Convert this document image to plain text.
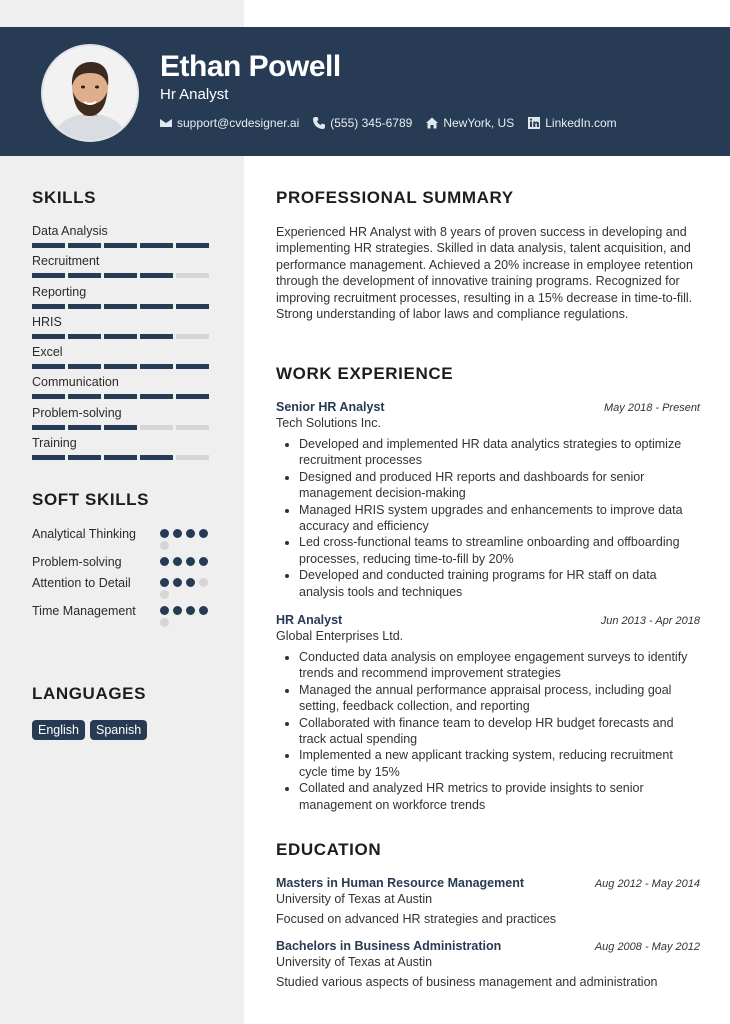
Ethan Powell
Hr Analyst
support@cvdesigner.ai	(555) 345-6789	NewYork, US	LinkedIn.com
SKILLS
Data Analysis
Recruitment
Reporting
HRIS
Excel
Communication
Problem-solving
Training
SOFT SKILLS
Analytical Thinking
Problem-solving
Attention to Detail
Time Management
LANGUAGES
English	Spanish
PROFESSIONAL SUMMARY
Experienced HR Analyst with 8 years of proven success in developing and implementing HR strategies. Skilled in data analysis, talent acquisition, and performance management. Achieved a 20% increase in employee retention through the development of innovative training programs. Recognized for improving recruitment processes, resulting in a 15% decrease in time-to-fill. Strong understanding of labor laws and compliance regulations.
WORK EXPERIENCE
Senior HR Analyst	May 2018 - Present
Tech Solutions Inc.
• Developed and implemented HR data analytics strategies to optimize recruitment processes
• Designed and produced HR reports and dashboards for senior management decision-making
• Managed HRIS system upgrades and enhancements to improve data accuracy and efficiency
• Led cross-functional teams to streamline onboarding and offboarding processes, reducing time-to-fill by 20%
• Developed and conducted training programs for HR staff on data analysis tools and techniques
HR Analyst	Jun 2013 - Apr 2018
Global Enterprises Ltd.
• Conducted data analysis on employee engagement surveys to identify trends and recommend improvement strategies
• Managed the annual performance appraisal process, including goal setting, feedback collection, and reporting
• Collaborated with finance team to develop HR budget forecasts and track actual spending
• Implemented a new applicant tracking system, reducing recruitment cycle time by 15%
• Collated and analyzed HR metrics to provide insights to senior management on workforce trends
EDUCATION
Masters in Human Resource Management	Aug 2012 - May 2014
University of Texas at Austin
Focused on advanced HR strategies and practices
Bachelors in Business Administration	Aug 2008 - May 2012
University of Texas at Austin
Studied various aspects of business management and administration
